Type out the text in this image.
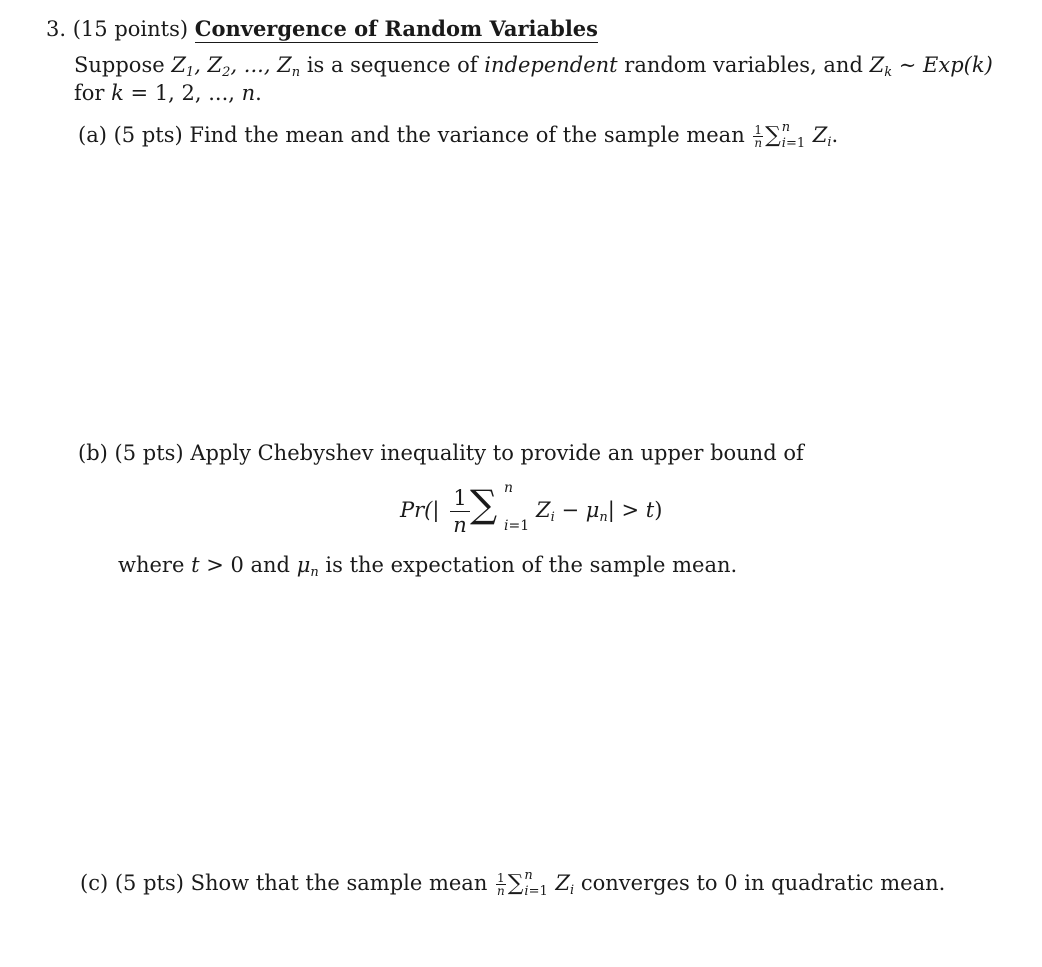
3. (15 points) Convergence of Random Variables
Suppose $Z_1$, $Z_2$, ..., $Z_n$ is a sequence of independent random variables, and $Z_k$ ∼ Exp(k)
for k = 1, 2, ..., n.
(a) (5 pts) Find the mean and the variance of the sample mean $\frac{1}{n}$ ∑ n
i=1 $Z_i$.
(b) (5 pts) Apply Chebyshev inequality to provide an upper bound of
$Pr(| \frac{1}{n}$ ∑ n
i=1
$Z_i - \mu_n| > t$)
where t > 0 and $\mu_n$ is the expectation of the sample mean.
(c) (5 pts) Show that the sample mean $\frac{1}{n}$ ∑ n
i=1 $Z_i$ converges to 0 in quadratic mean.
